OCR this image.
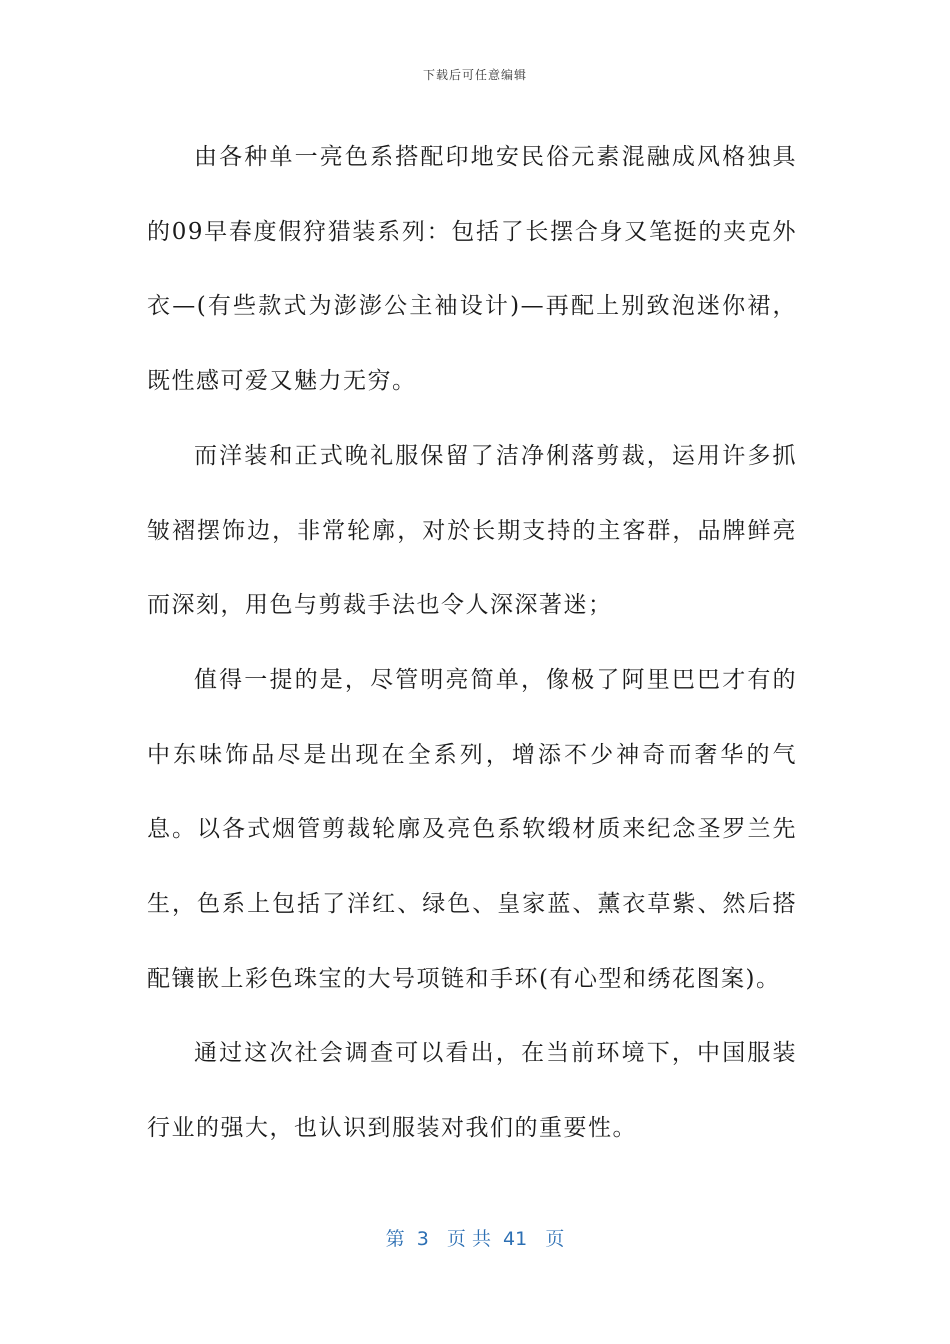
下载后可任意编辑

由各种单一亮色系搭配印地安民俗元素混融成风格独具的09早春度假狩猎装系列：包括了长摆合身又笔挺的夹克外衣—(有些款式为澎澎公主袖设计)—再配上别致泡迷你裙，既性感可爱又魅力无穷。

而洋装和正式晚礼服保留了洁净俐落剪裁，运用许多抓皱褶摆饰边，非常轮廓，对於长期支持的主客群，品牌鲜亮而深刻，用色与剪裁手法也令人深深著迷；

值得一提的是，尽管明亮简单，像极了阿里巴巴才有的中东味饰品尽是出现在全系列，增添不少神奇而奢华的气息。以各式烟管剪裁轮廓及亮色系软缎材质来纪念圣罗兰先生，色系上包括了洋红、绿色、皇家蓝、薰衣草紫、然后搭配镶嵌上彩色珠宝的大号项链和手环(有心型和绣花图案)。

通过这次社会调查可以看出，在当前环境下，中国服装行业的强大，也认识到服装对我们的重要性。

第  3   页 共  41   页
